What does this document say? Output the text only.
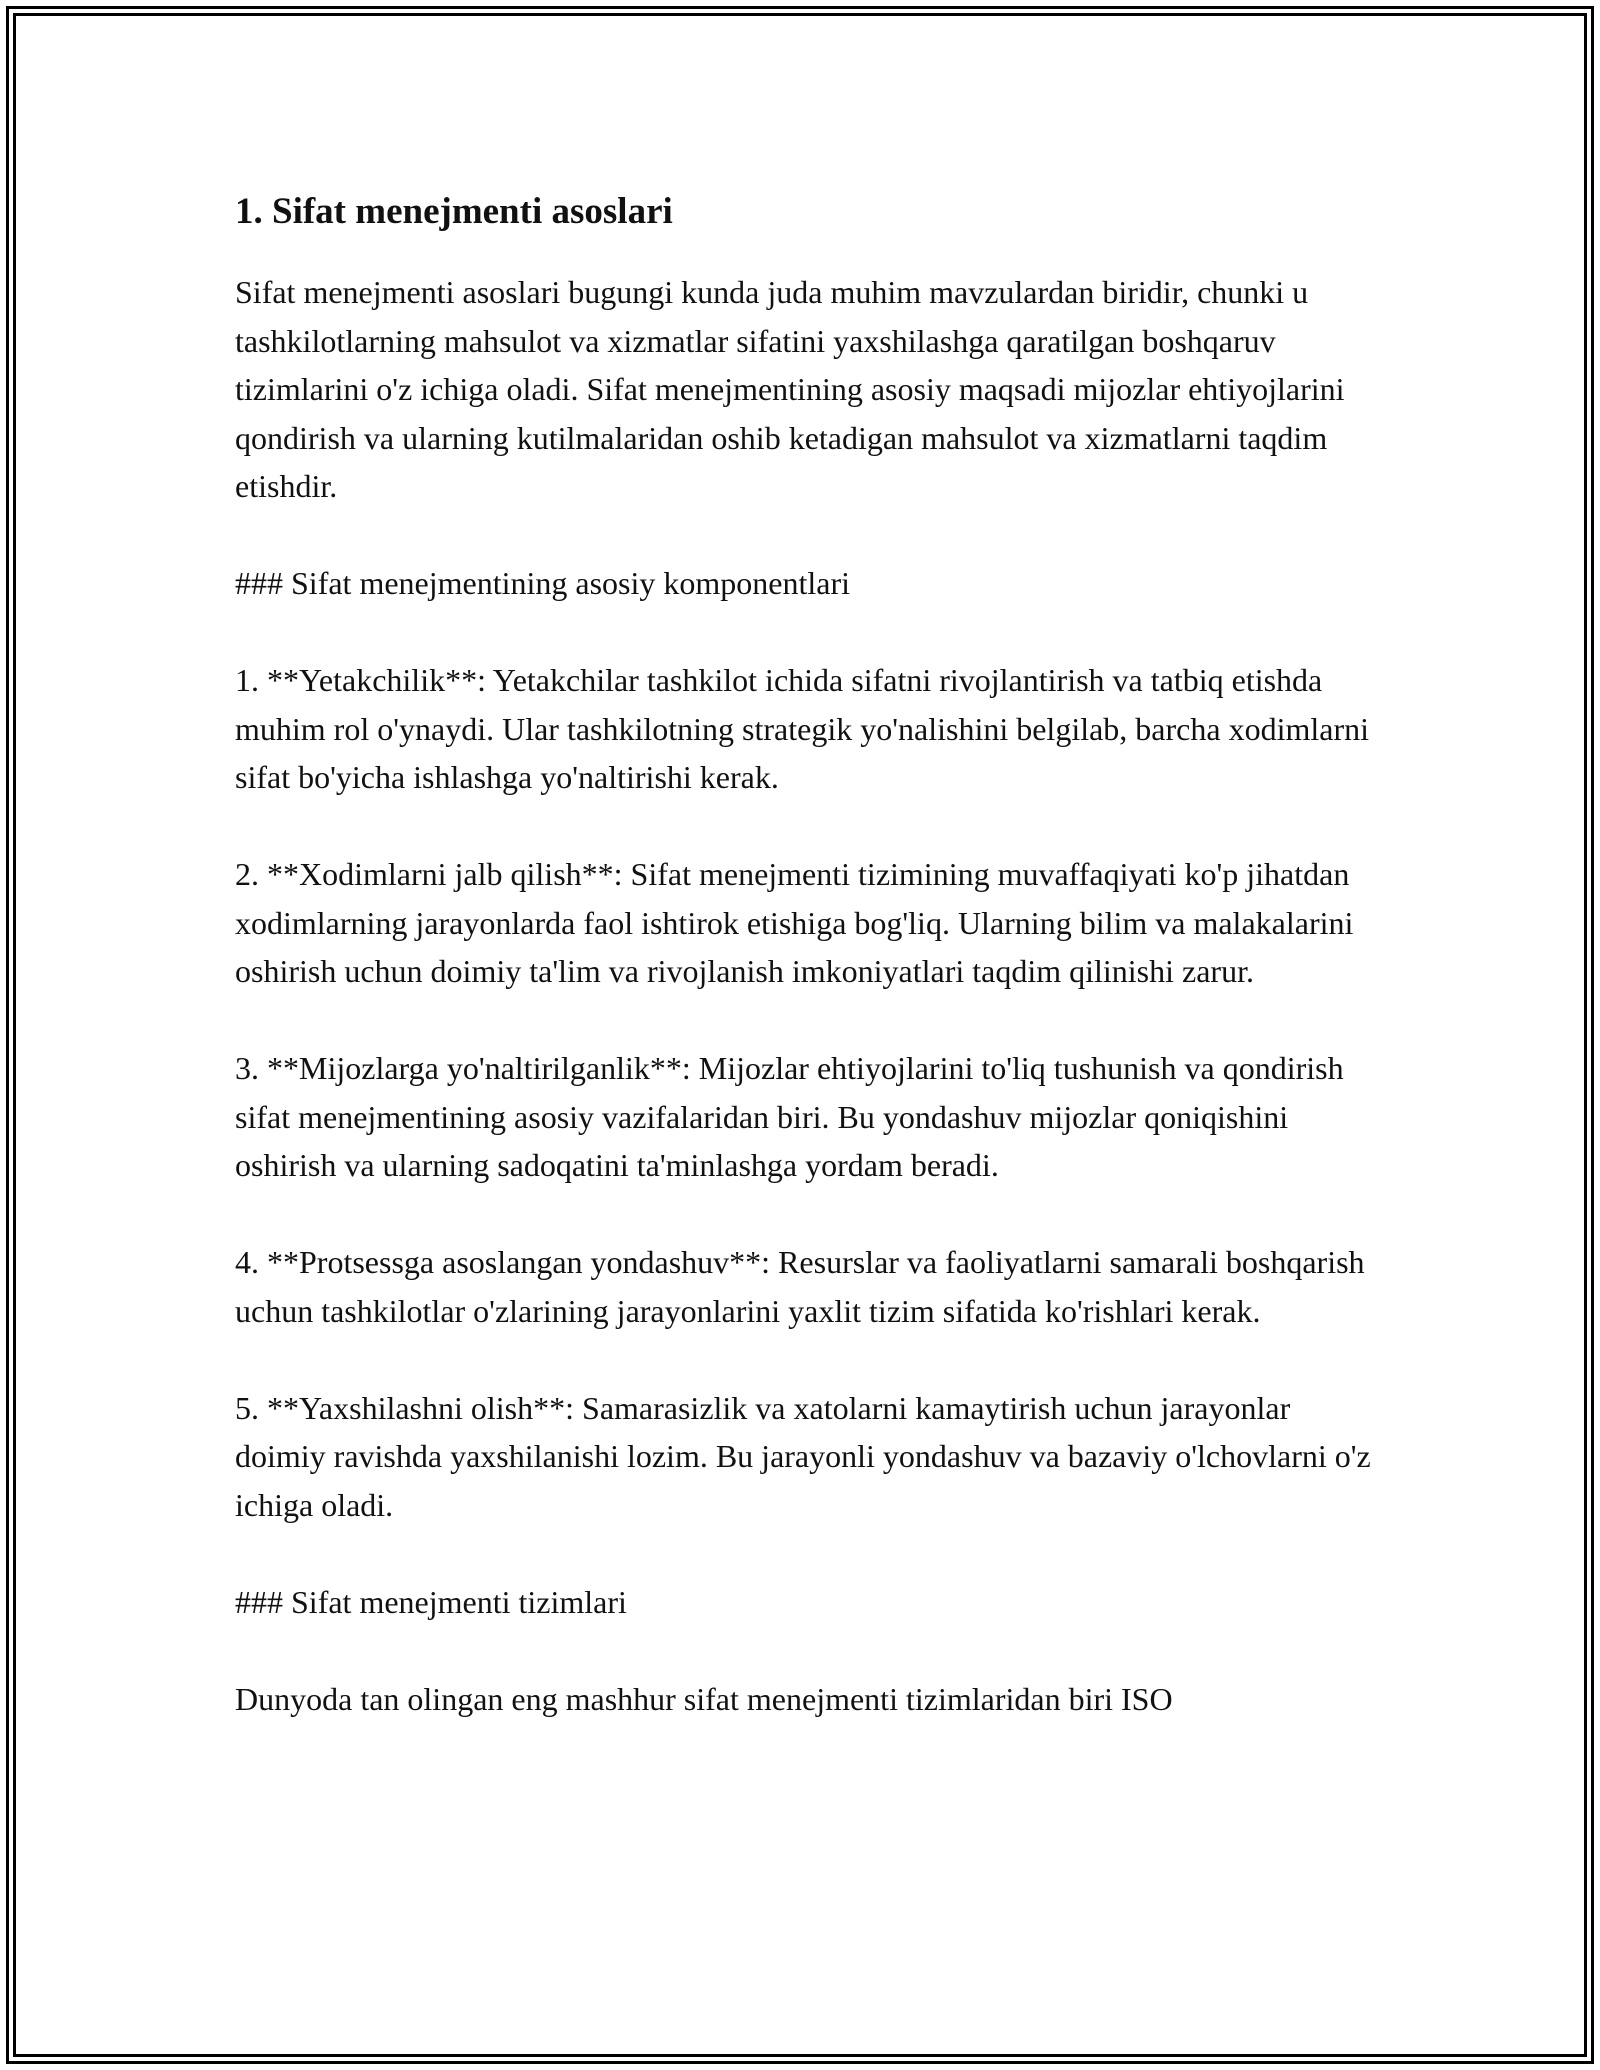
1. Sifat menejmenti asoslari

Sifat menejmenti asoslari bugungi kunda juda muhim mavzulardan biridir, chunki u tashkilotlarning mahsulot va xizmatlar sifatini yaxshilashga qaratilgan boshqaruv tizimlarini o'z ichiga oladi. Sifat menejmentining asosiy maqsadi mijozlar ehtiyojlarini qondirish va ularning kutilmalaridan oshib ketadigan mahsulot va xizmatlarni taqdim etishdir.

### Sifat menejmentining asosiy komponentlari

1. **Yetakchilik**: Yetakchilar tashkilot ichida sifatni rivojlantirish va tatbiq etishda muhim rol o'ynaydi. Ular tashkilotning strategik yo'nalishini belgilab, barcha xodimlarni sifat bo'yicha ishlashga yo'naltirishi kerak.

2. **Xodimlarni jalb qilish**: Sifat menejmenti tizimining muvaffaqiyati ko'p jihatdan xodimlarning jarayonlarda faol ishtirok etishiga bog'liq. Ularning bilim va malakalarini oshirish uchun doimiy ta'lim va rivojlanish imkoniyatlari taqdim qilinishi zarur.

3. **Mijozlarga yo'naltirilganlik**: Mijozlar ehtiyojlarini to'liq tushunish va qondirish sifat menejmentining asosiy vazifalaridan biri. Bu yondashuv mijozlar qoniqishini oshirish va ularning sadoqatini ta'minlashga yordam beradi.

4. **Protsessga asoslangan yondashuv**: Resurslar va faoliyatlarni samarali boshqarish uchun tashkilotlar o'zlarining jarayonlarini yaxlit tizim sifatida ko'rishlari kerak.

5. **Yaxshilashni olish**: Samarasizlik va xatolarni kamaytirish uchun jarayonlar doimiy ravishda yaxshilanishi lozim. Bu jarayonli yondashuv va bazaviy o'lchovlarni o'z ichiga oladi.

### Sifat menejmenti tizimlari

Dunyoda tan olingan eng mashhur sifat menejmenti tizimlaridan biri ISO
